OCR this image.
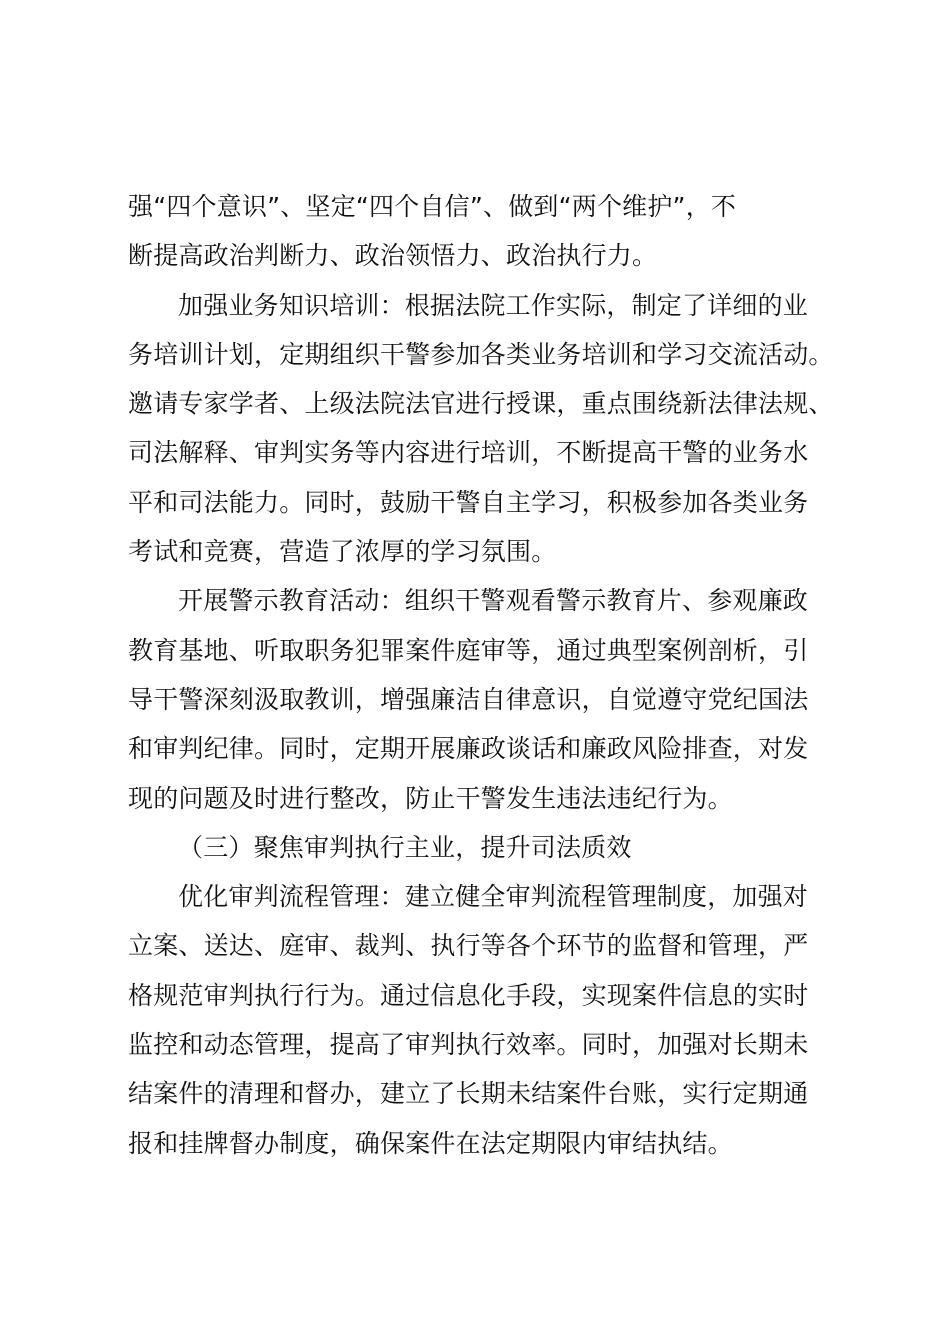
强“四个意识”、坚定“四个自信”、做到“两个维护”，不
断提高政治判断力、政治领悟力、政治执行力。
加强业务知识培训：根据法院工作实际，制定了详细的业
务培训计划，定期组织干警参加各类业务培训和学习交流活动。
邀请专家学者、上级法院法官进行授课，重点围绕新法律法规、
司法解释、审判实务等内容进行培训，不断提高干警的业务水
平和司法能力。同时，鼓励干警自主学习，积极参加各类业务
考试和竞赛，营造了浓厚的学习氛围。
开展警示教育活动：组织干警观看警示教育片、参观廉政
教育基地、听取职务犯罪案件庭审等，通过典型案例剖析，引
导干警深刻汲取教训，增强廉洁自律意识，自觉遵守党纪国法
和审判纪律。同时，定期开展廉政谈话和廉政风险排查，对发
现的问题及时进行整改，防止干警发生违法违纪行为。
（三）聚焦审判执行主业，提升司法质效
优化审判流程管理：建立健全审判流程管理制度，加强对
立案、送达、庭审、裁判、执行等各个环节的监督和管理，严
格规范审判执行行为。通过信息化手段，实现案件信息的实时
监控和动态管理，提高了审判执行效率。同时，加强对长期未
结案件的清理和督办，建立了长期未结案件台账，实行定期通
报和挂牌督办制度，确保案件在法定期限内审结执结。
